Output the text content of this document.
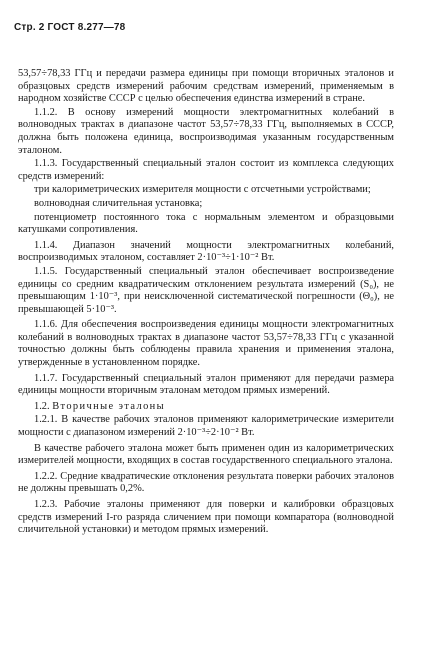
Стр. 2 ГОСТ 8.277—78

53,57÷78,33 ГГц и передачи размера единицы при помощи вторичных эталонов и образцовых средств измерений рабочим средствам измерений, применяемым в народном хозяйстве СССР с целью обеспечения единства измерений в стране.

1.1.2. В основу измерений мощности электромагнитных колебаний в волноводных трактах в диапазоне частот 53,57÷78,33 ГГц, выполняемых в СССР, должна быть положена единица, воспроизводимая указанным государственным эталоном.

1.1.3. Государственный специальный эталон состоит из комплекса следующих средств измерений:

три калориметрических измерителя мощности с отсчетными устройствами;

волноводная сличительная установка;

потенциометр постоянного тока с нормальным элементом и образцовыми катушками сопротивления.

1.1.4. Диапазон значений мощности электромагнитных колебаний, воспроизводимых эталоном, составляет 2·10⁻³÷1·10⁻² Вт.

1.1.5. Государственный специальный эталон обеспечивает воспроизведение единицы со средним квадратическим отклонением результата измерений (S₀), не превышающим 1·10⁻³, при неисключенной систематической погрешности (Θ₀), не превышающей 5·10⁻³.

1.1.6. Для обеспечения воспроизведения единицы мощности электромагнитных колебаний в волноводных трактах в диапазоне частот 53,57÷78,33 ГГц с указанной точностью должны быть соблюдены правила хранения и применения эталона, утвержденные в установленном порядке.

1.1.7. Государственный специальный эталон применяют для передачи размера единицы мощности вторичным эталонам методом прямых измерений.

1.2. Вторичные эталоны

1.2.1. В качестве рабочих эталонов применяют калориметрические измерители мощности с диапазоном измерений 2·10⁻³÷2·10⁻² Вт.

В качестве рабочего эталона может быть применен один из калориметрических измерителей мощности, входящих в состав государственного специального эталона.

1.2.2. Средние квадратические отклонения результата поверки рабочих эталонов не должны превышать 0,2%.

1.2.3. Рабочие эталоны применяют для поверки и калибровки образцовых средств измерений I-го разряда сличением при помощи компаратора (волноводной сличительной установки) и методом прямых измерений.
